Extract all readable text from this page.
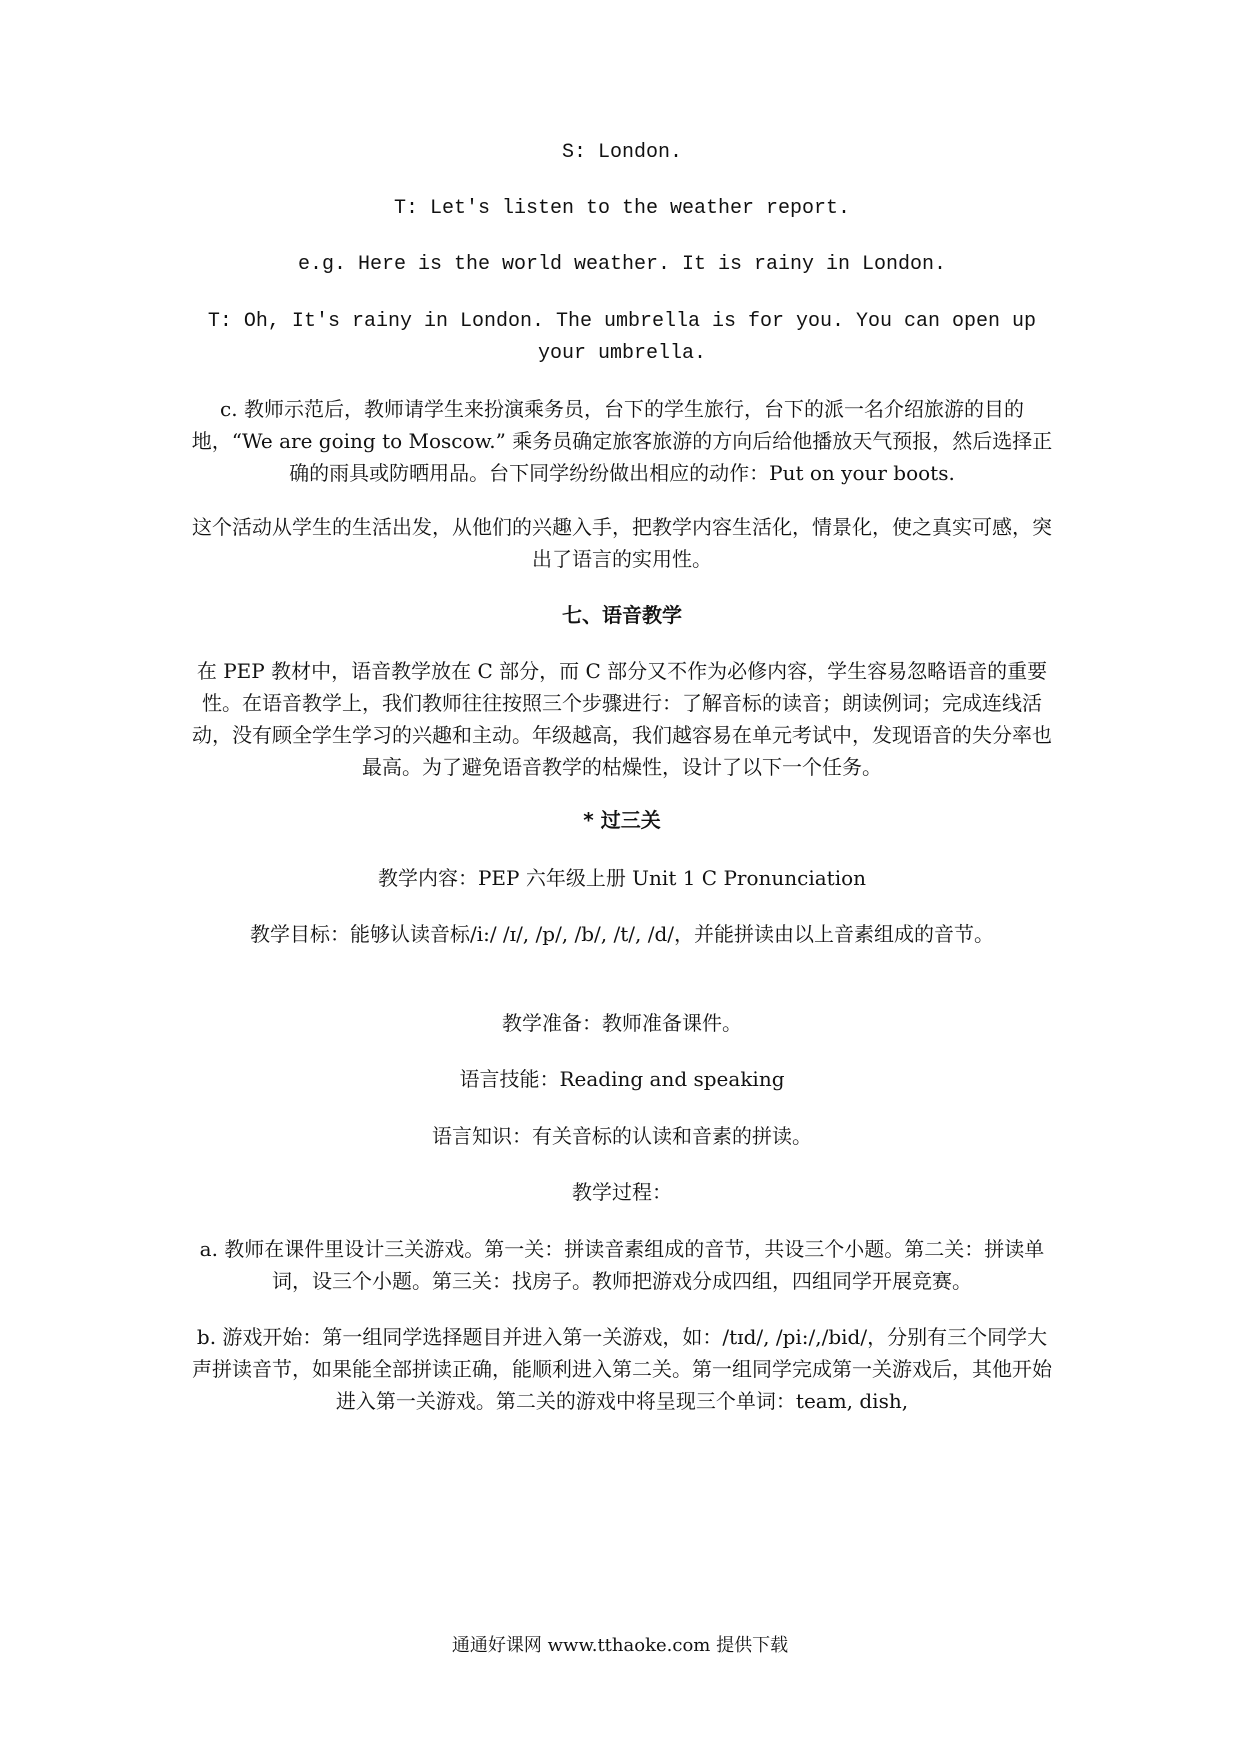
S: London.

T: Let's listen to the weather report.

e.g. Here is the world weather. It is rainy in London.

T: Oh, It's rainy in London. The umbrella is for you. You can open up your umbrella.

c. 教师示范后，教师请学生来扮演乘务员，台下的学生旅行，台下的派一名介绍旅游的目的地，“We are going to Moscow.” 乘务员确定旅客旅游的方向后给他播放天气预报，然后选择正确的雨具或防晒用品。台下同学纷纷做出相应的动作：Put on your boots.

这个活动从学生的生活出发，从他们的兴趣入手，把教学内容生活化，情景化，使之真实可感，突出了语言的实用性。

七、语音教学

在 PEP 教材中，语音教学放在 C 部分，而 C 部分又不作为必修内容，学生容易忽略语音的重要性。在语音教学上，我们教师往往按照三个步骤进行：了解音标的读音；朗读例词；完成连线活动，没有顾全学生学习的兴趣和主动。年级越高，我们越容易在单元考试中，发现语音的失分率也最高。为了避免语音教学的枯燥性，设计了以下一个任务。

* 过三关

教学内容：PEP 六年级上册 Unit 1 C Pronunciation

教学目标：能够认读音标/i:/ /ɪ/, /p/, /b/, /t/, /d/，并能拼读由以上音素组成的音节。

教学准备：教师准备课件。

语言技能：Reading and speaking

语言知识：有关音标的认读和音素的拼读。

教学过程：

a. 教师在课件里设计三关游戏。第一关：拼读音素组成的音节，共设三个小题。第二关：拼读单词，设三个小题。第三关：找房子。教师把游戏分成四组，四组同学开展竞赛。

b. 游戏开始：第一组同学选择题目并进入第一关游戏，如：/tɪd/, /pi:/,/bid/，分别有三个同学大声拼读音节，如果能全部拼读正确，能顺利进入第二关。第一组同学完成第一关游戏后，其他开始进入第一关游戏。第二关的游戏中将呈现三个单词：team, dish,

通通好课网 www.tthaoke.com 提供下载
